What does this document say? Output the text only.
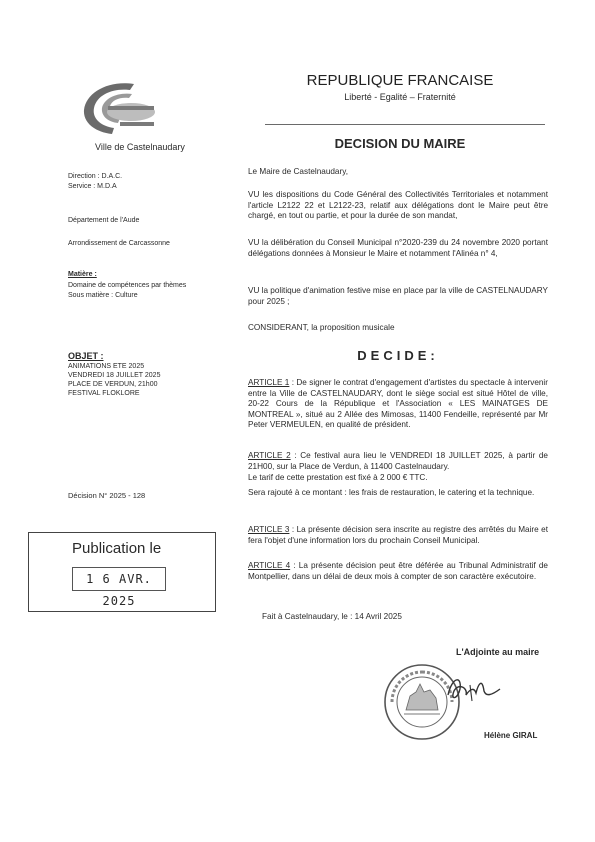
Ville de Castelnaudary
Direction : D.A.C.
Service : M.D.A
Département de l'Aude
Arrondissement de Carcassonne
Matière :
Domaine de compétences par thèmes
Sous matière : Culture
OBJET :
ANIMATIONS ETE 2025
VENDREDI 18 JUILLET 2025
PLACE DE VERDUN, 21h00
FESTIVAL FLOKLORE
Décision N° 2025 - 128
REPUBLIQUE FRANCAISE
Liberté - Egalité – Fraternité
DECISION DU MAIRE
Le Maire de Castelnaudary,
VU les dispositions du Code Général des Collectivités Territoriales et notamment l'article L2122 22 et L2122-23, relatif aux délégations dont le Maire peut être chargé, en tout ou partie, et pour la durée de son mandat,
VU la délibération du Conseil Municipal n°2020-239 du 24 novembre 2020 portant délégations données à Monsieur le Maire et notamment l'Alinéa n° 4,
VU la politique d'animation festive mise en place par la ville de CASTELNAUDARY pour 2025 ;
CONSIDERANT, la proposition musicale
DECIDE:
ARTICLE 1 : De signer le contrat d'engagement d'artistes du spectacle à intervenir entre la Ville de CASTELNAUDARY, dont le siège social est situé Hôtel de ville, 20-22 Cours de la République et l'Association « LES MAINATGES DE MONTREAL », situé au 2 Allée des Mimosas, 11400 Fendeille, représenté par Mr Peter VERMEULEN, en qualité de président.
ARTICLE 2 : Ce festival aura lieu le VENDREDI 18 JUILLET 2025, à partir de 21H00, sur la Place de Verdun, à 11400 Castelnaudary.
Le tarif de cette prestation est fixé à 2 000 € TTC.
Sera rajouté à ce montant : les frais de restauration, le catering et la technique.
ARTICLE 3 : La présente décision sera inscrite au registre des arrêtés du Maire et fera l'objet d'une information lors du prochain Conseil Municipal.
ARTICLE 4 : La présente décision peut être déférée au Tribunal Administratif de Montpellier, dans un délai de deux mois à compter de son caractère exécutoire.
Fait à Castelnaudary, le : 14 Avril 2025
Publication le
1 6 AVR. 2025
L'Adjointe au maire
Hélène GIRAL
